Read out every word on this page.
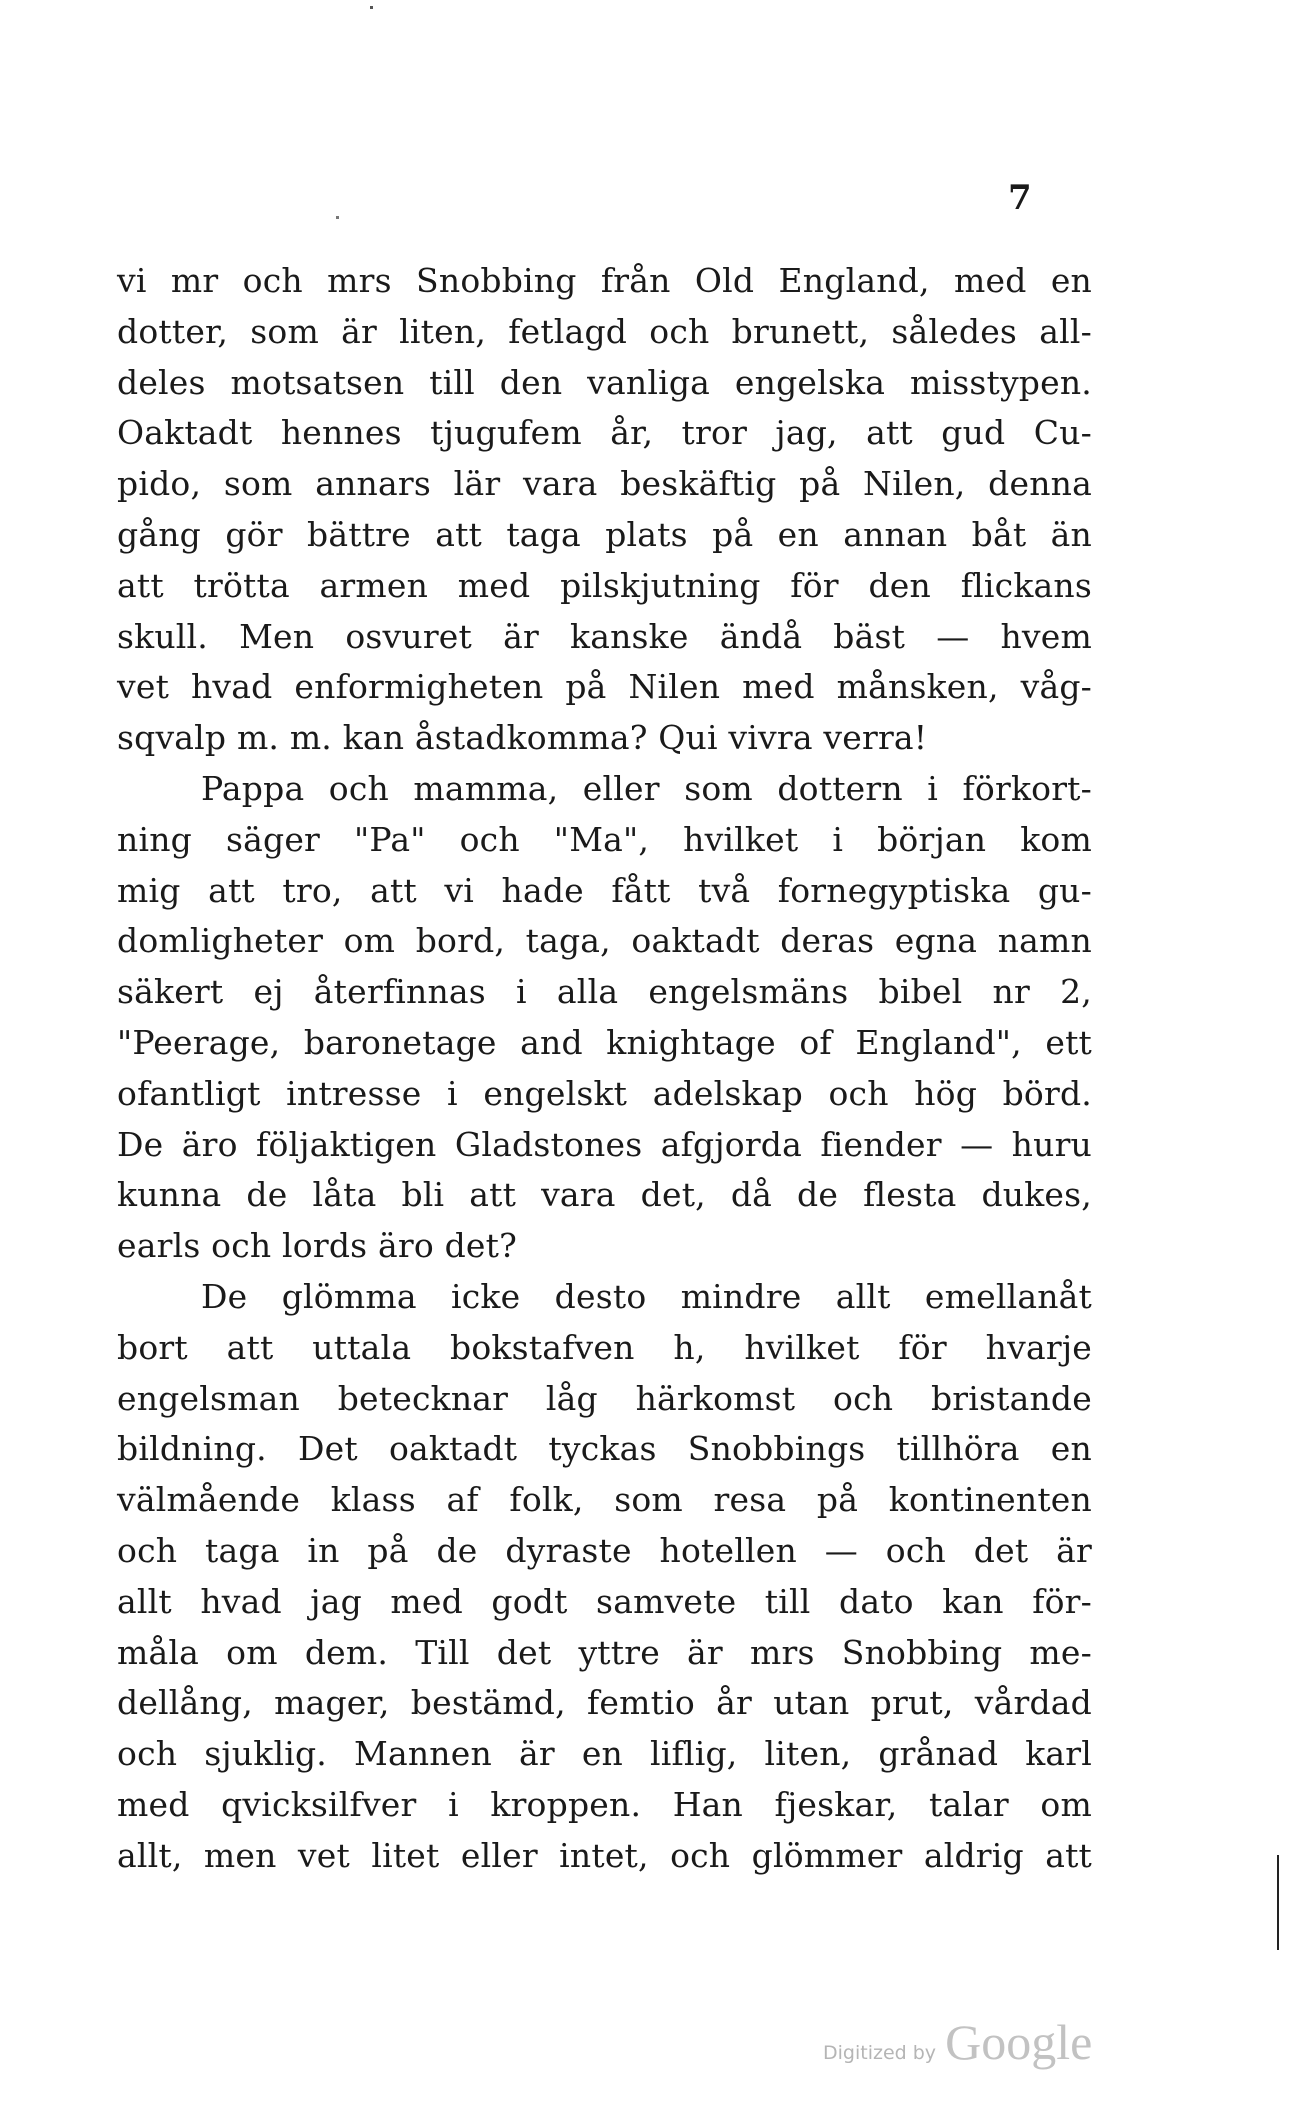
7
vi mr och mrs Snobbing från Old England, med en
dotter, som är liten, fetlagd och brunett, således all-
deles motsatsen till den vanliga engelska misstypen.
Oaktadt hennes tjugufem år, tror jag, att gud Cu-
pido, som annars lär vara beskäftig på Nilen, denna
gång gör bättre att taga plats på en annan båt än
att trötta armen med pilskjutning för den flickans
skull. Men osvuret är kanske ändå bäst — hvem
vet hvad enformigheten på Nilen med månsken, våg-
sqvalp m. m. kan åstadkomma? Qui vivra verra!
Pappa och mamma, eller som dottern i förkort-
ning säger "Pa" och "Ma", hvilket i början kom
mig att tro, att vi hade fått två fornegyptiska gu-
domligheter om bord, taga, oaktadt deras egna namn
säkert ej återfinnas i alla engelsmäns bibel nr 2,
"Peerage, baronetage and knightage of England", ett
ofantligt intresse i engelskt adelskap och hög börd.
De äro följaktigen Gladstones afgjorda fiender — huru
kunna de låta bli att vara det, då de flesta dukes,
earls och lords äro det?
De glömma icke desto mindre allt emellanåt
bort att uttala bokstafven h, hvilket för hvarje
engelsman betecknar låg härkomst och bristande
bildning. Det oaktadt tyckas Snobbings tillhöra en
välmående klass af folk, som resa på kontinenten
och taga in på de dyraste hotellen — och det är
allt hvad jag med godt samvete till dato kan för-
måla om dem. Till det yttre är mrs Snobbing me-
dellång, mager, bestämd, femtio år utan prut, vårdad
och sjuklig. Mannen är en liflig, liten, grånad karl
med qvicksilfver i kroppen. Han fjeskar, talar om
allt, men vet litet eller intet, och glömmer aldrig att
Digitized by Google
